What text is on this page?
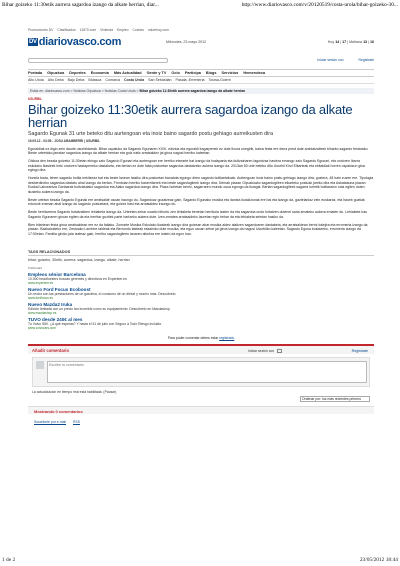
Bihar goizeko 11:30etik aurrera sagardoa izango da alkate herrian, diar...	http://www.diariovasco.com/v/20120519/costa-urola/bihar-goizeko-30...
Promociones DV Clasificados 11870.com Vivienda Empleo Coches miuerhoy.com
DV diariovasco.com	Miércoles, 23 mayo 2012	Hoy 14 | 17 | Mañana 13 | 16
Iniciar sesión con	Registrate
Portada Gipuzkoa Deportes Economía Más Actualidad Gente y TV Ocio Participa Blogs Servicios Hemeroteca
Alto Urola Alto Deba Bajo Deba Bidasoa Comarca Costa Urola San Sebastián Pasaia -Errenteria Tolosa-Goierri
Estás en: diariovasco.com > Noticias Gipuzkoa > Noticias Costa Urola > Bihar goizeko 11:30etik aurrera sagardoa izango da alkate herrian
USURBIL
Bihar goizeko 11:30etik aurrera sagardoa izango da alkate herrian
Sagardo Egunak 31 urte beteko ditu aurtengoan eta inoiz baino sagardo postu gehiago aurreikusten dira
19.05.12 - 03:05 - JOSU ARAMBERRI | USURBIL

Eguraldiak ez digin zein daude usurbildarrak. Bihar ospatuko da Sagardo Egunaren XXXI. edizioa eta eguraldi iragarpenek ez dute itxura onegirik, baina festa ere dena prest dute antolatzaileek biharko sagardo festarako. Beste urteetako jarraian sagardoa izango da alkate herrian eta goiz natiz arratsaldez jai giroa nagusi herriko kaleetan.

Ohikoa den bezala goizeko 11:30etan ekingo zaio Sagardo Egunari eta aurtengoan ere herriko etxearte bat izango da txalaparta eta dultzainaren laguntzaz hasiera emango zaio Sagardo Egunari, eta ondoren Ibarra eskolako ikasleek ireki ondoren hastapeneko dastaketa, eta bertan ez dute falta postuetan sagardoa dastatzeko aukera izango da. 2013an 50 urte beteko ditu Usurbil Kirol Elkarteak eta ekitaldiak horren ospakizun gisa egingo dira.

Honela bada, lehen sagardo botila irekitzeaz bat eta beste lanean hasiko dira postuetan banatuta egongo diren sagardo botilaetakoak. Aurtengoan inoiz baino postu gehiago izango dira, guztera, 48 hain zuzen ere. Tipologia desberdineko sagardoa dastatu ahal izango da bertan. Frontoian herriko baserritarrek eta beste sagardogileek izango dira. Demak plazan Gipuzkoako sagardogileen elkarteko postuak jarriko dira eta Askatasuna plazan Euskal Laborantza Ganbarak bultzatutako sagardoa eta Aiako sagardoa izango dira. Plaza horietan berriz, sagarraren mundu osoa egongo da ikusgai. Bertan sagardogileek sagarra lurretik botilaraino nola egiten duten ikusteko aukera izango da.

Beste urtetan bezala Sagardo Egunak ere arratsalde osoan iraungo du. Sagardoaz gozatzeaz gain, Sagardo Egunako musika eta dantza ikuskizunak ere bai eta izango da, gaztelaniaz zein euskaraz, eta hauek guztiak edonork eraman ahal izango du sagardo postuetara, eta goizez hasi eta arratsaldez iraungo du.

Beste herritarrena Sagardo botatzaileen lehiaketa izango da. Urteetan zehar usadio bihurtu zen lehiaketa benetan herrikoia izaten da eta sagardoa ondo botatzen dutenei saria emateko aukera ematen du. Lehiaketa hau Sagardo Egunaren giroan egiten da eta herritar guztiek parte hartzeko aukera dute. Izen-ematea arratsaldeko lauretan egin behar da eta lehiaketa seietan hasiko da.

Bien bitartean festa giroa arratsaldean ere ez da faltako. Zumarte Musika Eskolako ikasleak izango dira goizean ahar musika aldez alaitzen sagardoaren dastaketa, eta arratsaldean berriz kalejira eta erromeria izango da plazan. Bazkalosteko ere, Zestoako Larrinbe taldeak eta Berrondo taldeak eskainiko dute musika, eta egun osoan zehar jai giroa izango da nagusi Usurbilko kaleetan. Sagardo Eguna bukatzeko, erromeria izango da 17:00etan. Familia giroko jaia izateaz gain, herriko sagardogileen lanaren aitortza ere izaten da egun hau.

TAGS RELACIONADOS
bihar, goizeko, 30etik, aurrera, sagardoa, izango, alkate, herrian
Publicidad
Empleos sénior Barcelona
10.000 headhunters buscan gerentes y directivos en Experteer.es
www.experteer.es
Nuevo Ford Focus Ecoboost
Un motor con las prestaciones de un gasolina, el consumo de un diésel y mucho más. Descúbrelo.
www.fordfocus.es
Nuevo Mazda2 Iruka
Edición limitada con un precio tan increíble como su equipamiento. Descúbrelo en Mazdashop
www.mazdashop.es
TUVO desde 240€ al mes
Tu Volvo S60. ¿A qué esperas? Y hasta el 31 de julio con Seguro a Todo Riesgo incluido.
www.volvocars.com
Para poder comentar debes estar registrado
Añadir comentario	Iniciar sesión con	Registrate
Escribe tu comentario
La actualización en tiempo real está habilitada. (Pausar)
Ordenar por: los más recientes primero
Mostrando 0 comentarios
Suscribete por e-mail RSS
1 de 2	23/05/2012 18:44
